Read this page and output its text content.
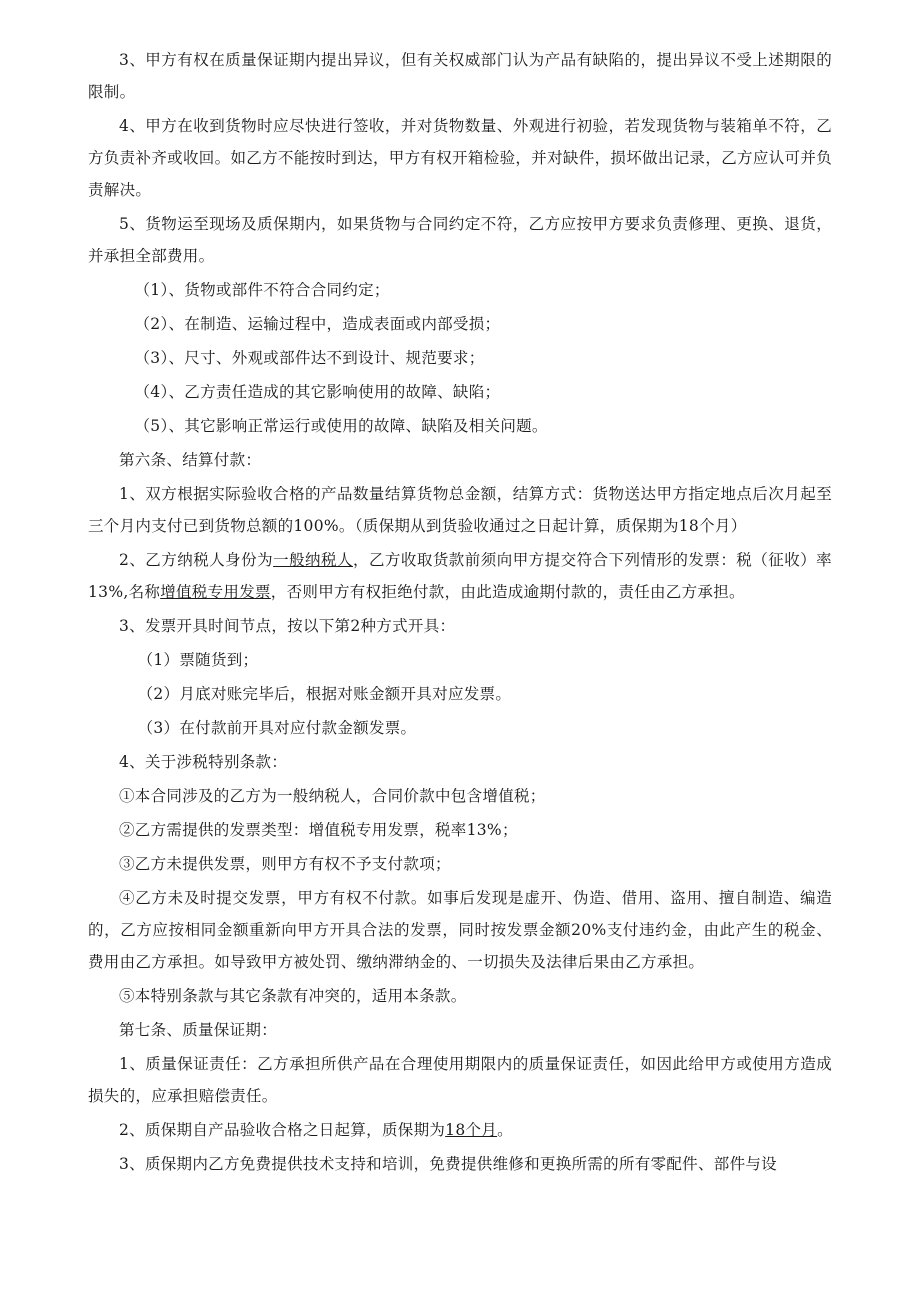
3、甲方有权在质量保证期内提出异议，但有关权威部门认为产品有缺陷的，提出异议不受上述期限的限制。

4、甲方在收到货物时应尽快进行签收，并对货物数量、外观进行初验，若发现货物与装箱单不符，乙方负责补齐或收回。如乙方不能按时到达，甲方有权开箱检验，并对缺件，损坏做出记录，乙方应认可并负责解决。

5、货物运至现场及质保期内，如果货物与合同约定不符，乙方应按甲方要求负责修理、更换、退货，并承担全部费用。

（1）、货物或部件不符合合同约定；

（2）、在制造、运输过程中，造成表面或内部受损；

（3）、尺寸、外观或部件达不到设计、规范要求；

（4）、乙方责任造成的其它影响使用的故障、缺陷；

（5）、其它影响正常运行或使用的故障、缺陷及相关问题。

第六条、结算付款：

1、双方根据实际验收合格的产品数量结算货物总金额，结算方式：货物送达甲方指定地点后次月起至三个月内支付已到货物总额的100%。（质保期从到货验收通过之日起计算，质保期为18个月）

2、乙方纳税人身份为一般纳税人，乙方收取货款前须向甲方提交符合下列情形的发票：税（征收）率13%,名称增值税专用发票，否则甲方有权拒绝付款，由此造成逾期付款的，责任由乙方承担。

3、发票开具时间节点，按以下第2种方式开具：

（1）票随货到；

（2）月底对账完毕后，根据对账金额开具对应发票。

（3）在付款前开具对应付款金额发票。

4、关于涉税特别条款：

①本合同涉及的乙方为一般纳税人，合同价款中包含增值税；

②乙方需提供的发票类型：增值税专用发票，税率13%；

③乙方未提供发票，则甲方有权不予支付款项；

④乙方未及时提交发票，甲方有权不付款。如事后发现是虚开、伪造、借用、盗用、擅自制造、编造的，乙方应按相同金额重新向甲方开具合法的发票，同时按发票金额20%支付违约金，由此产生的税金、费用由乙方承担。如导致甲方被处罚、缴纳滞纳金的、一切损失及法律后果由乙方承担。

⑤本特别条款与其它条款有冲突的，适用本条款。

第七条、质量保证期：

1、质量保证责任：乙方承担所供产品在合理使用期限内的质量保证责任，如因此给甲方或使用方造成损失的，应承担赔偿责任。

2、质保期自产品验收合格之日起算，质保期为18个月。

3、质保期内乙方免费提供技术支持和培训，免费提供维修和更换所需的所有零配件、部件与设
